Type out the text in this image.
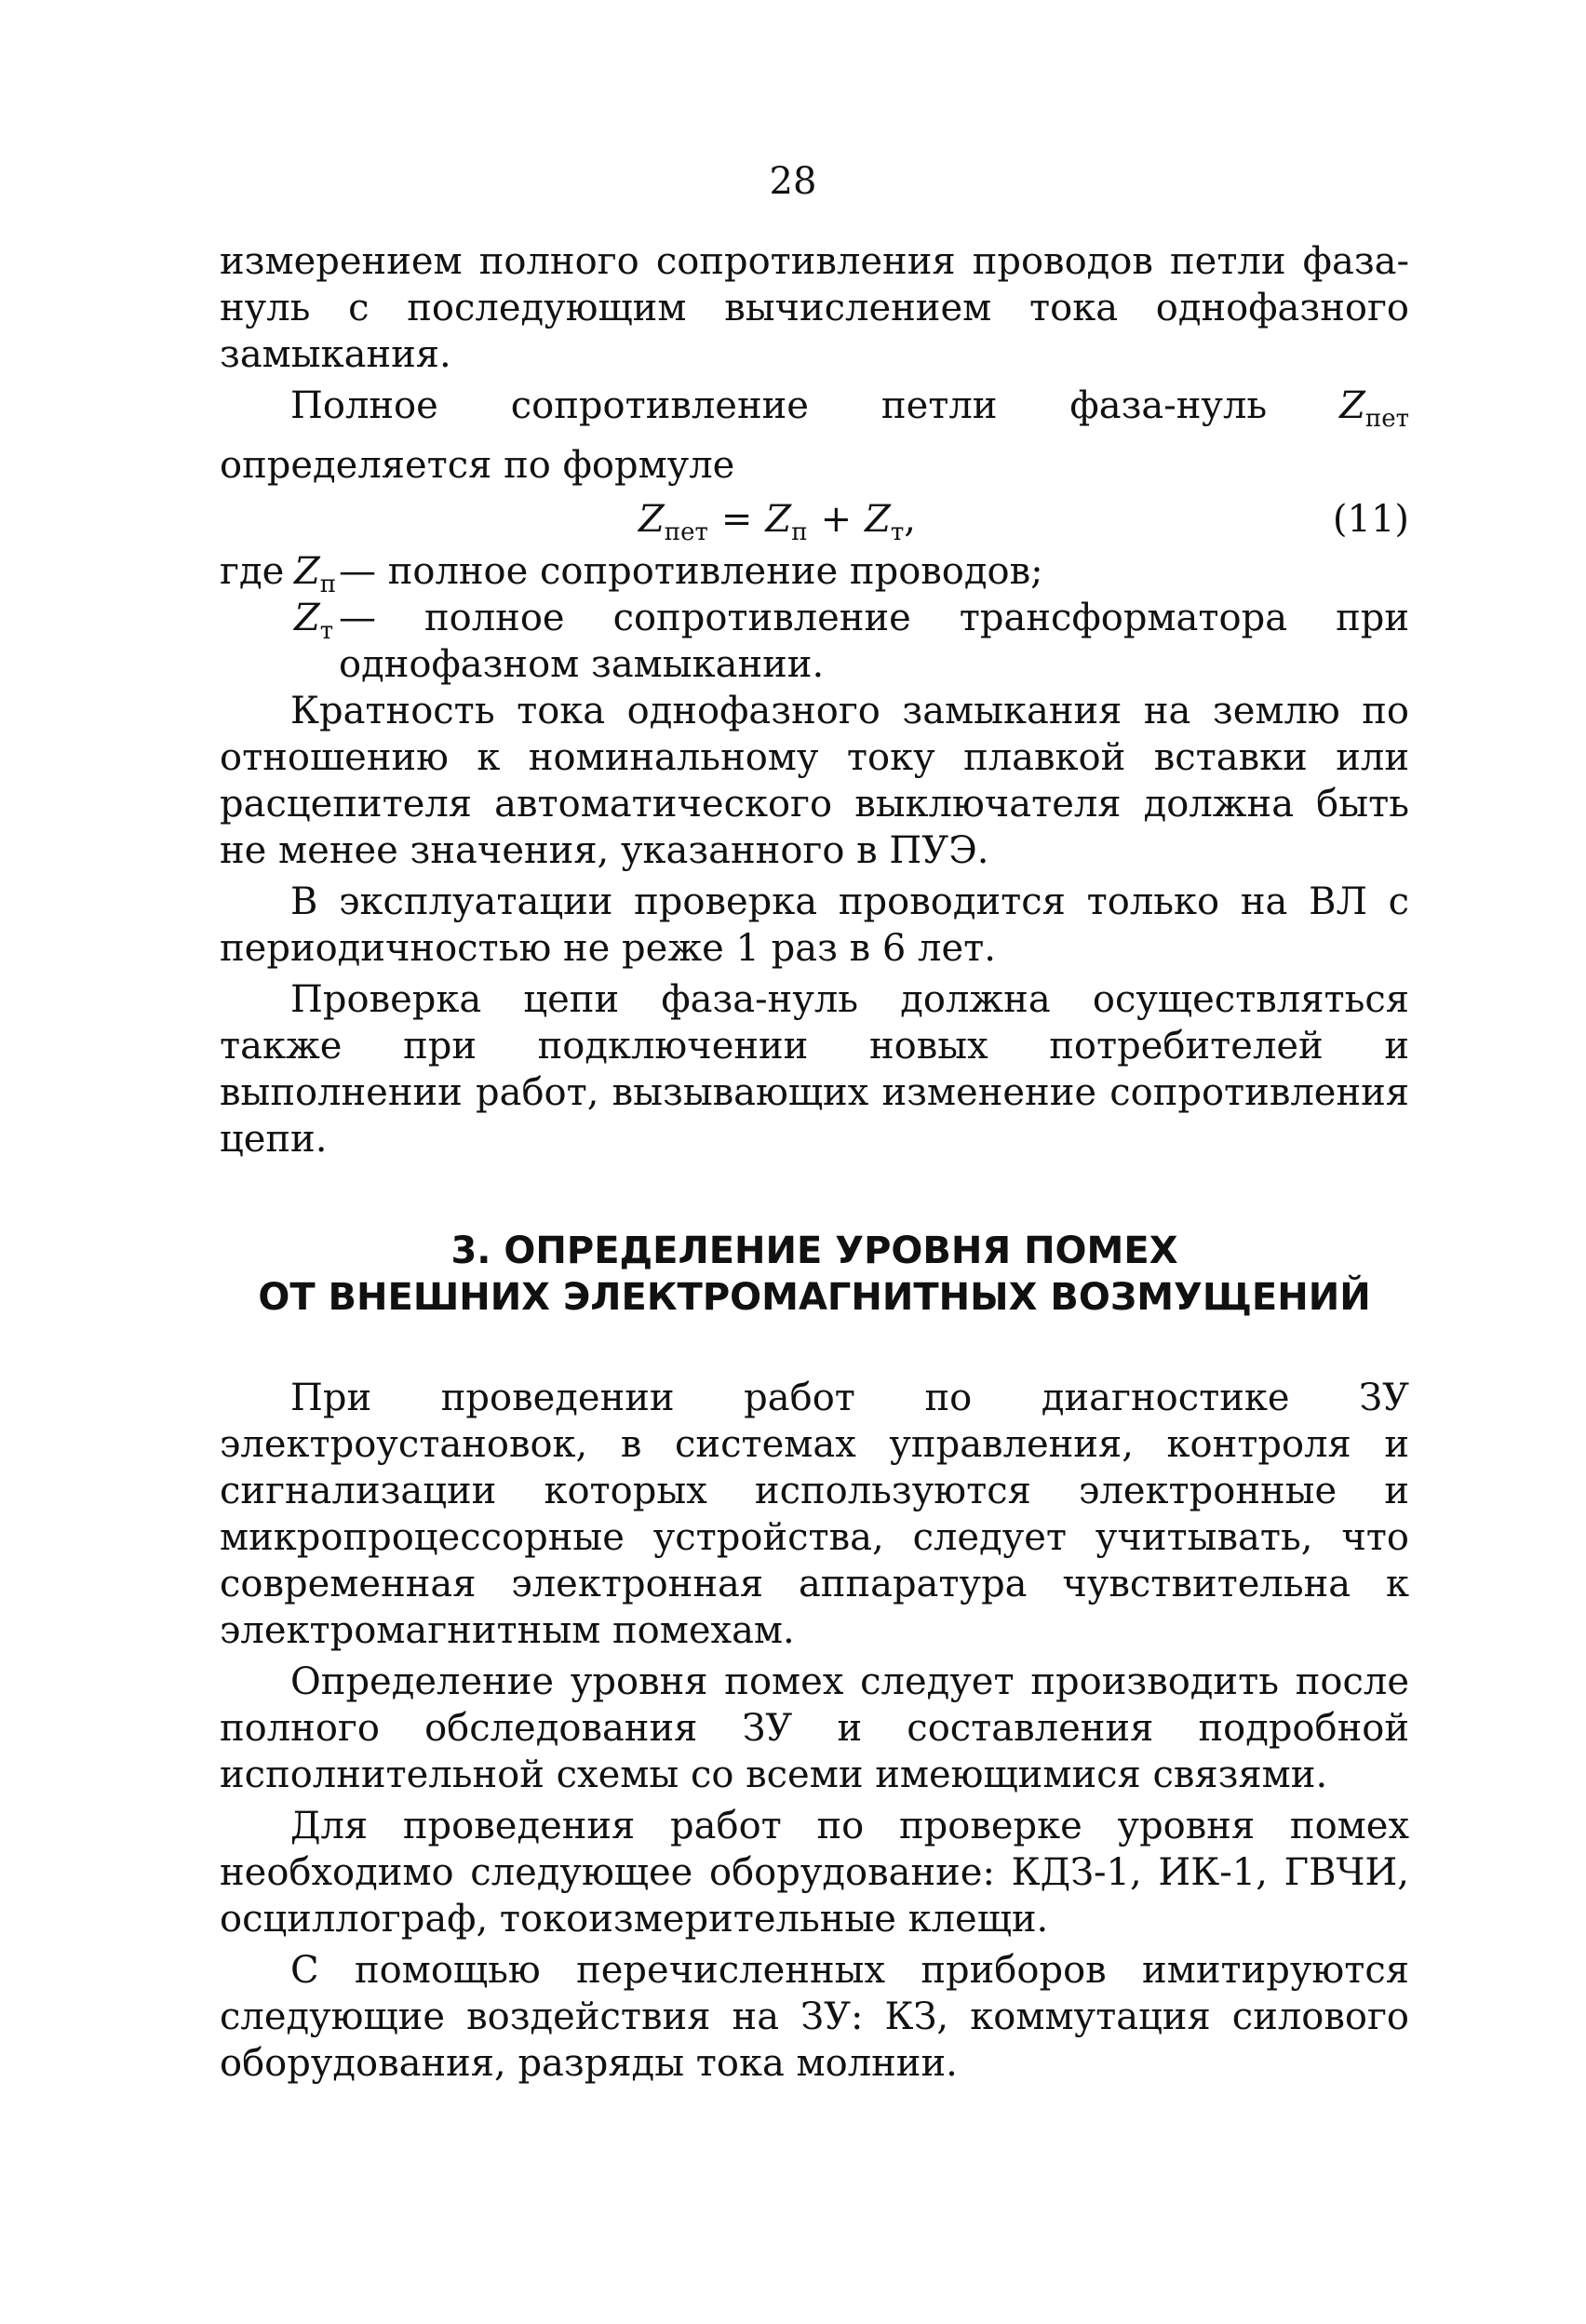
28

измерением полного сопротивления проводов петли фаза-нуль с последующим вычислением тока однофазного замыкания.

Полное сопротивление петли фаза-нуль $Z_{пет}$ определяется по формуле

$Z_{пет} = Z_п + Z_т$,	(11)
где $Z_п$ — полное сопротивление проводов;
$Z_т$ — полное сопротивление трансформатора при однофазном замыкании.

Кратность тока однофазного замыкания на землю по отношению к номинальному току плавкой вставки или расцепителя автоматического выключателя должна быть не менее значения, указанного в ПУЭ.

В эксплуатации проверка проводится только на ВЛ с периодичностью не реже 1 раз в 6 лет.

Проверка цепи фаза-нуль должна осуществляться также при подключении новых потребителей и выполнении работ, вызывающих изменение сопротивления цепи.

3. ОПРЕДЕЛЕНИЕ УРОВНЯ ПОМЕХ
ОТ ВНЕШНИХ ЭЛЕКТРОМАГНИТНЫХ ВОЗМУЩЕНИЙ

При проведении работ по диагностике ЗУ электроустановок, в системах управления, контроля и сигнализации которых используются электронные и микропроцессорные устройства, следует учитывать, что современная электронная аппаратура чувствительна к электромагнитным помехам.

Определение уровня помех следует производить после полного обследования ЗУ и составления подробной исполнительной схемы со всеми имеющимися связями.

Для проведения работ по проверке уровня помех необходимо следующее оборудование: КДЗ-1, ИК-1, ГВЧИ, осциллограф, токоизмерительные клещи.

С помощью перечисленных приборов имитируются следующие воздействия на ЗУ: КЗ, коммутация силового оборудования, разряды тока молнии.
